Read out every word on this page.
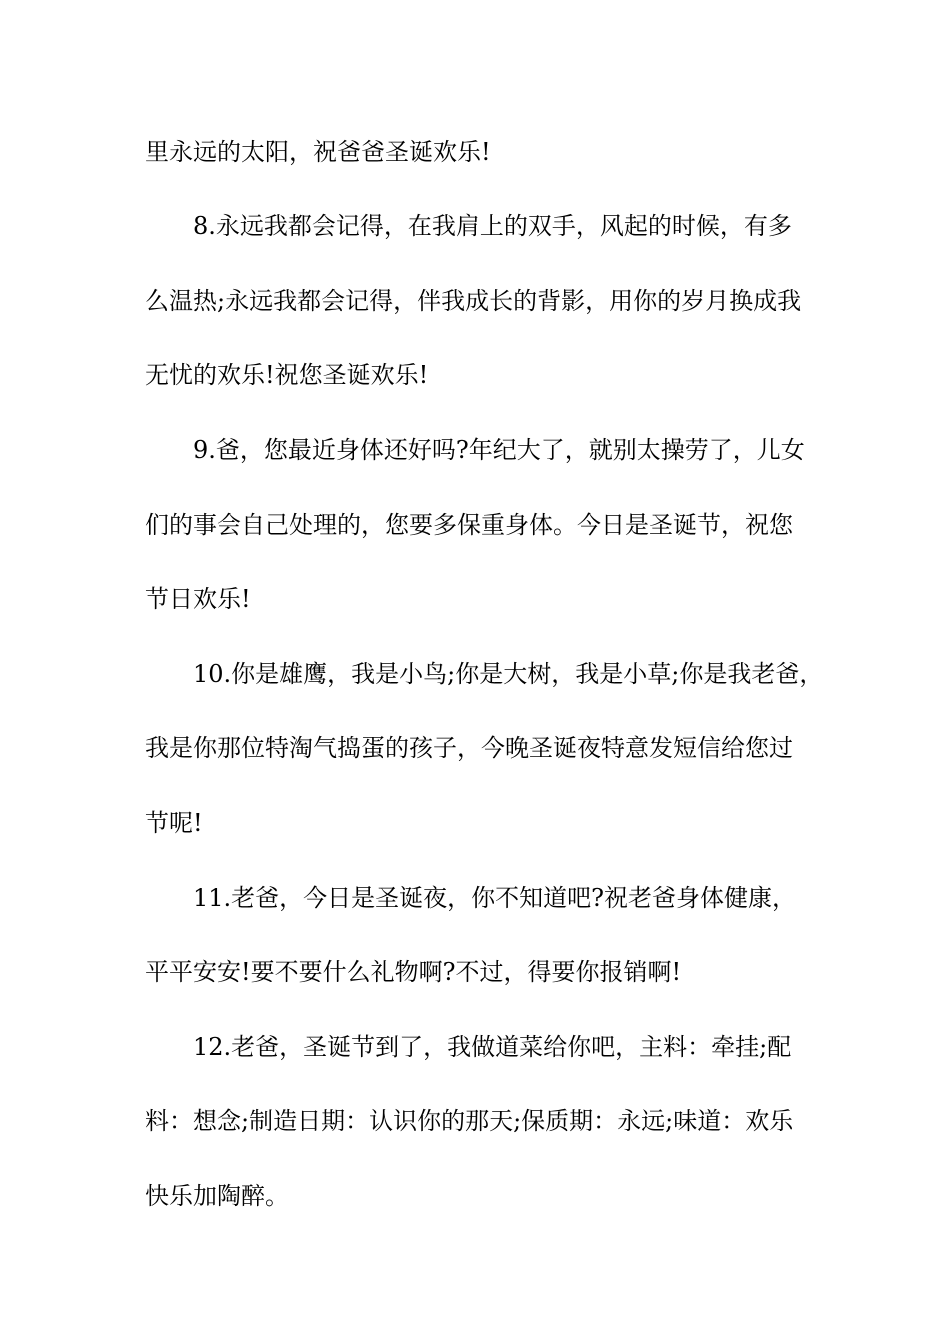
里永远的太阳，祝爸爸圣诞欢乐!
8.永远我都会记得，在我肩上的双手，风起的时候，有多
么温热;永远我都会记得，伴我成长的背影，用你的岁月换成我
无忧的欢乐!祝您圣诞欢乐!
9.爸，您最近身体还好吗?年纪大了，就别太操劳了，儿女
们的事会自己处理的，您要多保重身体。今日是圣诞节，祝您
节日欢乐!
10.你是雄鹰，我是小鸟;你是大树，我是小草;你是我老爸，
我是你那位特淘气捣蛋的孩子，今晚圣诞夜特意发短信给您过
节呢!
11.老爸，今日是圣诞夜，你不知道吧?祝老爸身体健康，
平平安安!要不要什么礼物啊?不过，得要你报销啊!
12.老爸，圣诞节到了，我做道菜给你吧，主料：牵挂;配
料：想念;制造日期：认识你的那天;保质期：永远;味道：欢乐
快乐加陶醉。
